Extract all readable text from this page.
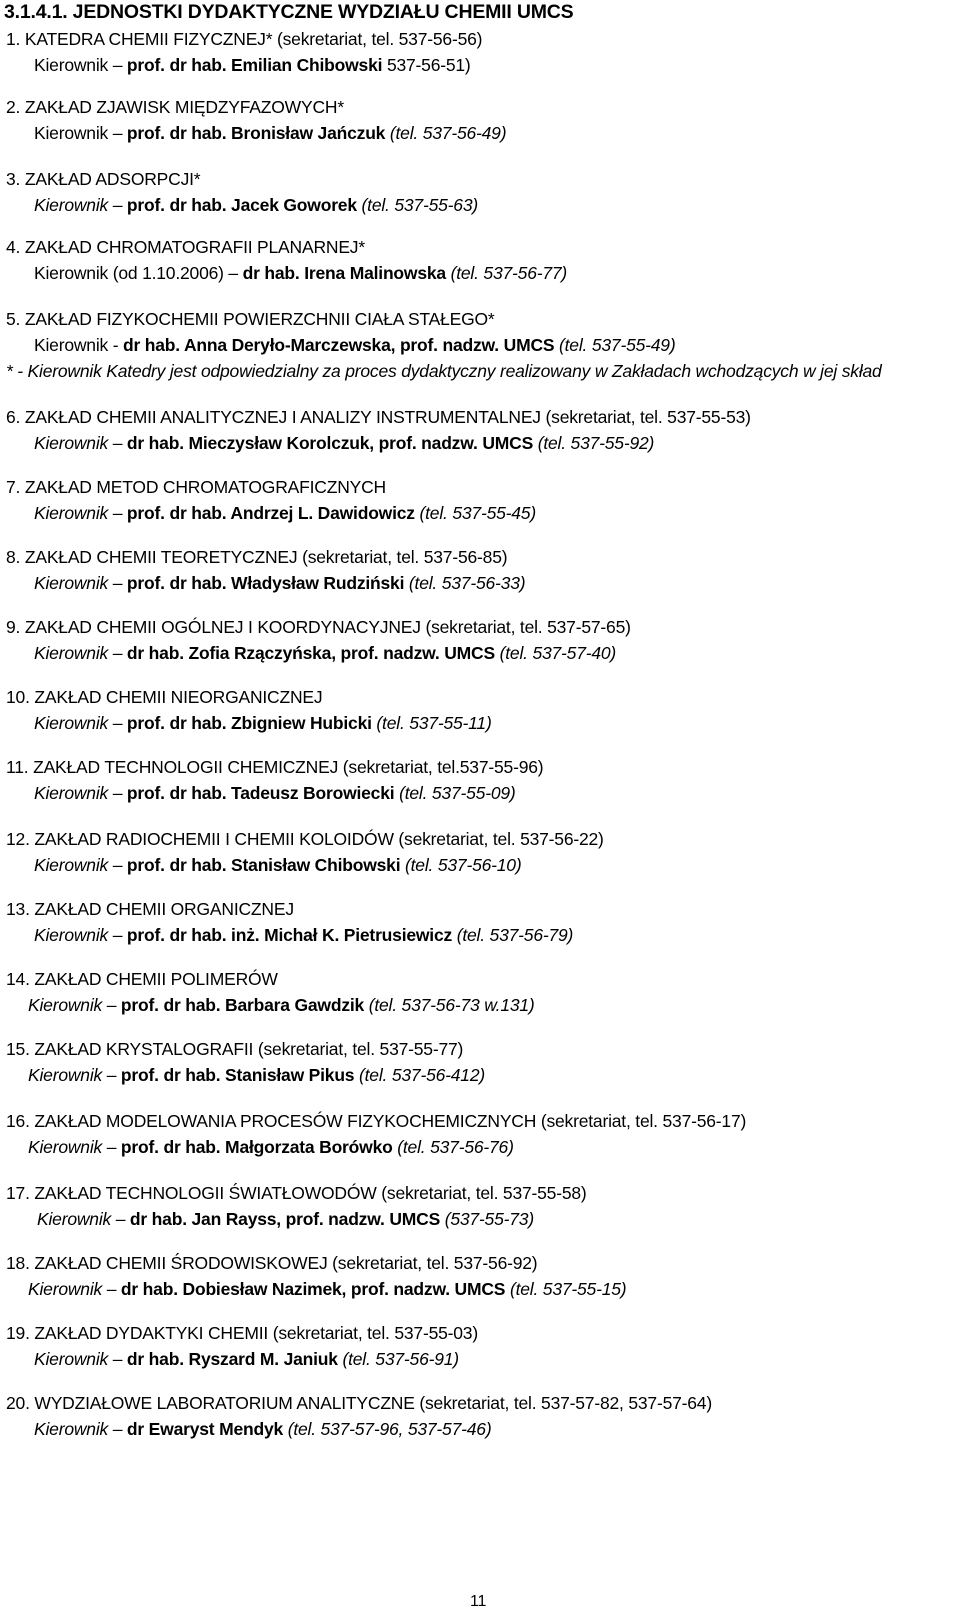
3.1.4.1. JEDNOSTKI DYDAKTYCZNE WYDZIAŁU CHEMII UMCS
1. KATEDRA CHEMII FIZYCZNEJ* (sekretariat, tel. 537-56-56)
Kierownik – prof. dr hab. Emilian Chibowski 537-56-51)
2. ZAKŁAD ZJAWISK MIĘDZYFAZOWYCH*
Kierownik – prof. dr hab. Bronisław Jańczuk (tel. 537-56-49)
3. ZAKŁAD ADSORPCJI*
Kierownik – prof. dr hab. Jacek Goworek (tel. 537-55-63)
4. ZAKŁAD CHROMATOGRAFII PLANARNEJ*
Kierownik (od 1.10.2006) – dr hab. Irena Malinowska (tel. 537-56-77)
5. ZAKŁAD FIZYKOCHEMII POWIERZCHNII CIAŁA STAŁEGO*
Kierownik - dr hab. Anna Deryło-Marczewska, prof. nadzw. UMCS (tel. 537-55-49)
* - Kierownik Katedry jest odpowiedzialny za proces dydaktyczny realizowany w Zakładach wchodzących w jej skład
6. ZAKŁAD CHEMII ANALITYCZNEJ I ANALIZY INSTRUMENTALNEJ (sekretariat, tel. 537-55-53)
Kierownik – dr hab. Mieczysław Korolczuk, prof. nadzw. UMCS (tel. 537-55-92)
7. ZAKŁAD METOD CHROMATOGRAFICZNYCH
Kierownik – prof. dr hab. Andrzej L. Dawidowicz (tel. 537-55-45)
8. ZAKŁAD CHEMII TEORETYCZNEJ (sekretariat, tel. 537-56-85)
Kierownik – prof. dr hab. Władysław Rudziński (tel. 537-56-33)
9. ZAKŁAD CHEMII OGÓLNEJ I KOORDYNACYJNEJ (sekretariat, tel. 537-57-65)
Kierownik – dr hab. Zofia Rzączyńska, prof. nadzw. UMCS (tel. 537-57-40)
10. ZAKŁAD CHEMII NIEORGANICZNEJ
Kierownik – prof. dr hab. Zbigniew Hubicki (tel. 537-55-11)
11. ZAKŁAD TECHNOLOGII CHEMICZNEJ (sekretariat, tel.537-55-96)
Kierownik – prof. dr hab. Tadeusz Borowiecki (tel. 537-55-09)
12. ZAKŁAD RADIOCHEMII I CHEMII KOLOIDÓW (sekretariat, tel. 537-56-22)
Kierownik – prof. dr hab. Stanisław Chibowski (tel. 537-56-10)
13. ZAKŁAD CHEMII ORGANICZNEJ
Kierownik – prof. dr hab. inż. Michał K. Pietrusiewicz (tel. 537-56-79)
14. ZAKŁAD CHEMII POLIMERÓW
Kierownik – prof. dr hab. Barbara Gawdzik (tel. 537-56-73 w.131)
15. ZAKŁAD KRYSTALOGRAFII (sekretariat, tel. 537-55-77)
Kierownik – prof. dr hab. Stanisław Pikus (tel. 537-56-412)
16. ZAKŁAD MODELOWANIA PROCESÓW FIZYKOCHEMICZNYCH (sekretariat, tel. 537-56-17)
Kierownik – prof. dr hab. Małgorzata Borówko (tel. 537-56-76)
17. ZAKŁAD TECHNOLOGII ŚWIATŁOWODÓW (sekretariat, tel. 537-55-58)
Kierownik – dr hab. Jan Rayss, prof. nadzw. UMCS (537-55-73)
18. ZAKŁAD CHEMII ŚRODOWISKOWEJ (sekretariat, tel. 537-56-92)
Kierownik – dr hab. Dobiesław Nazimek, prof. nadzw. UMCS (tel. 537-55-15)
19. ZAKŁAD DYDAKTYKI CHEMII (sekretariat, tel. 537-55-03)
Kierownik – dr hab. Ryszard M. Janiuk (tel. 537-56-91)
20. WYDZIAŁOWE LABORATORIUM ANALITYCZNE (sekretariat, tel. 537-57-82, 537-57-64)
Kierownik – dr Ewaryst Mendyk (tel. 537-57-96, 537-57-46)
11
